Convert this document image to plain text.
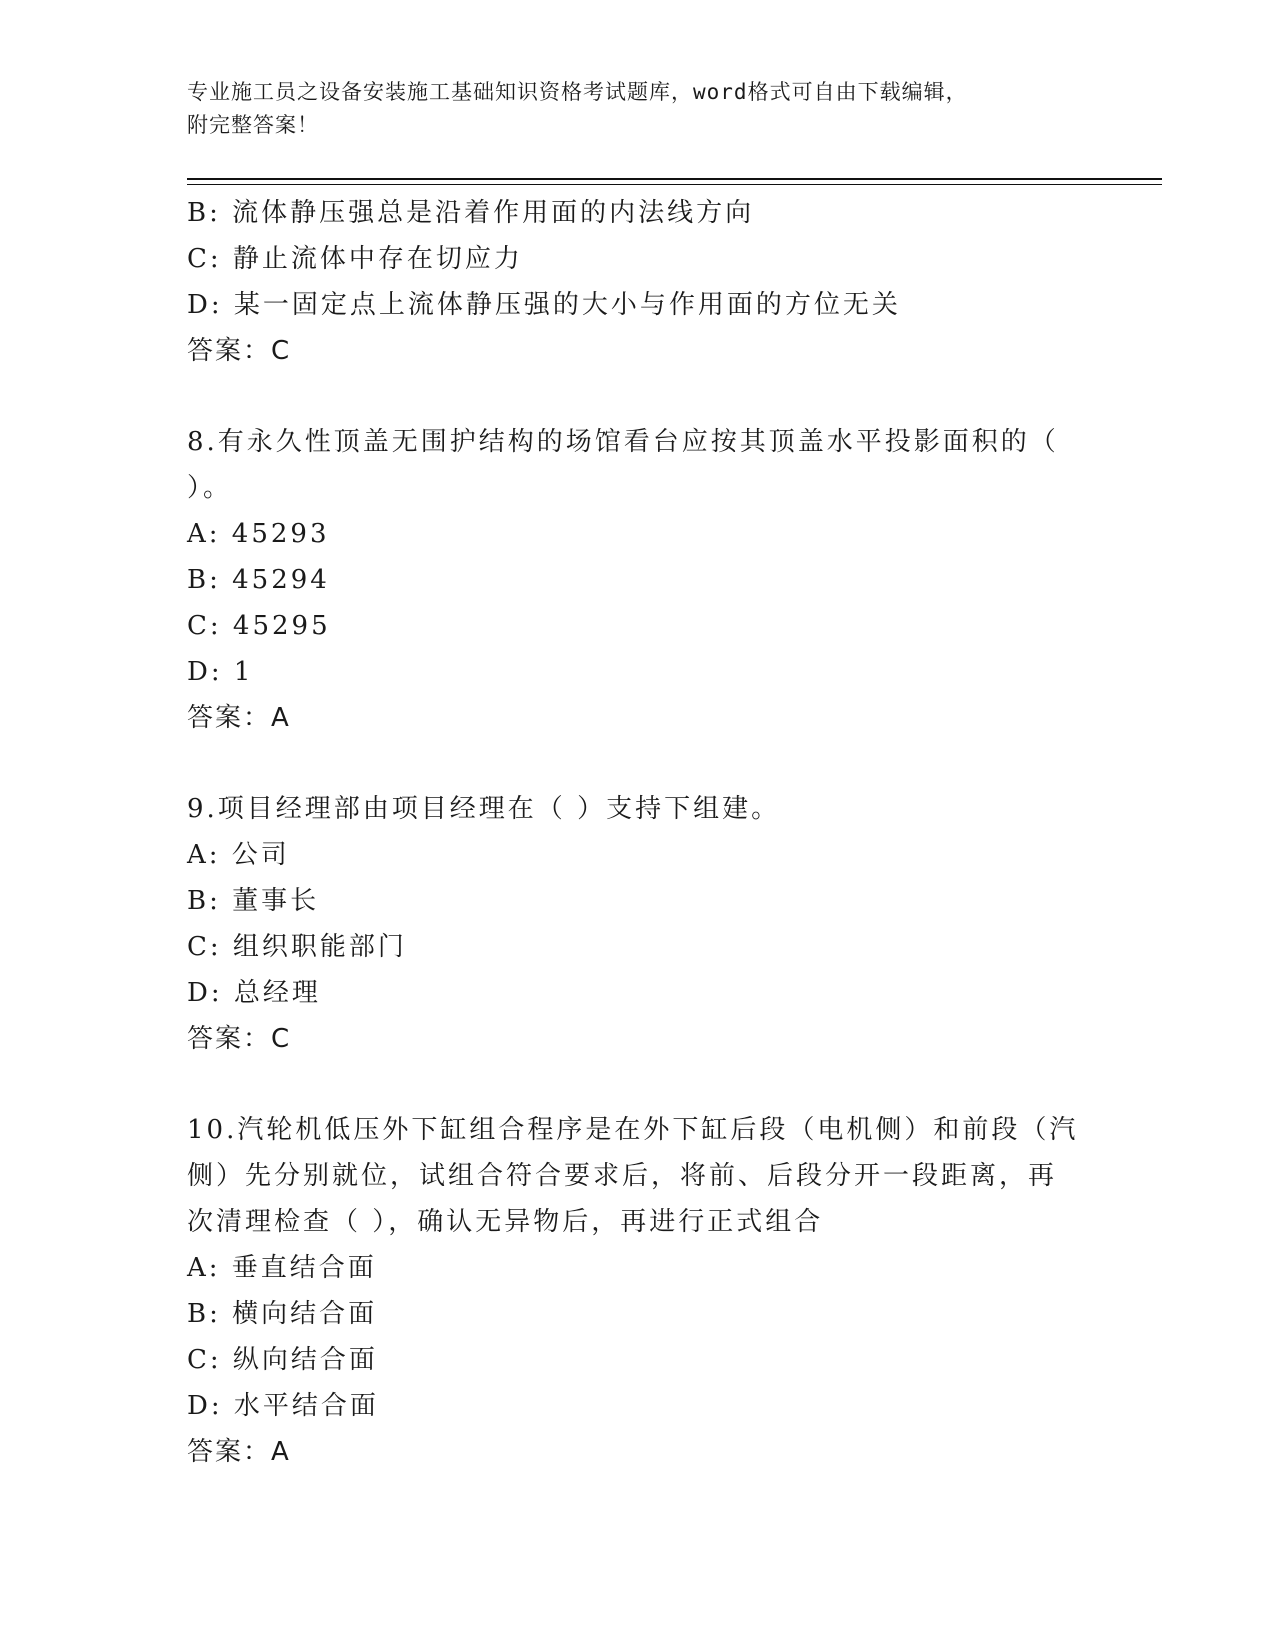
专业施工员之设备安装施工基础知识资格考试题库，word格式可自由下载编辑，
附完整答案！
B: 流体静压强总是沿着作用面的内法线方向
C: 静止流体中存在切应力
D: 某一固定点上流体静压强的大小与作用面的方位无关
答案：C
8.有永久性顶盖无围护结构的场馆看台应按其顶盖水平投影面积的（
）。
A: 45293
B: 45294
C: 45295
D: 1
答案：A
9.项目经理部由项目经理在（ ）支持下组建。
A: 公司
B: 董事长
C: 组织职能部门
D: 总经理
答案：C
10.汽轮机低压外下缸组合程序是在外下缸后段（电机侧）和前段（汽
侧）先分别就位，试组合符合要求后，将前、后段分开一段距离，再
次清理检查（ ），确认无异物后，再进行正式组合
A: 垂直结合面
B: 横向结合面
C: 纵向结合面
D: 水平结合面
答案：A
